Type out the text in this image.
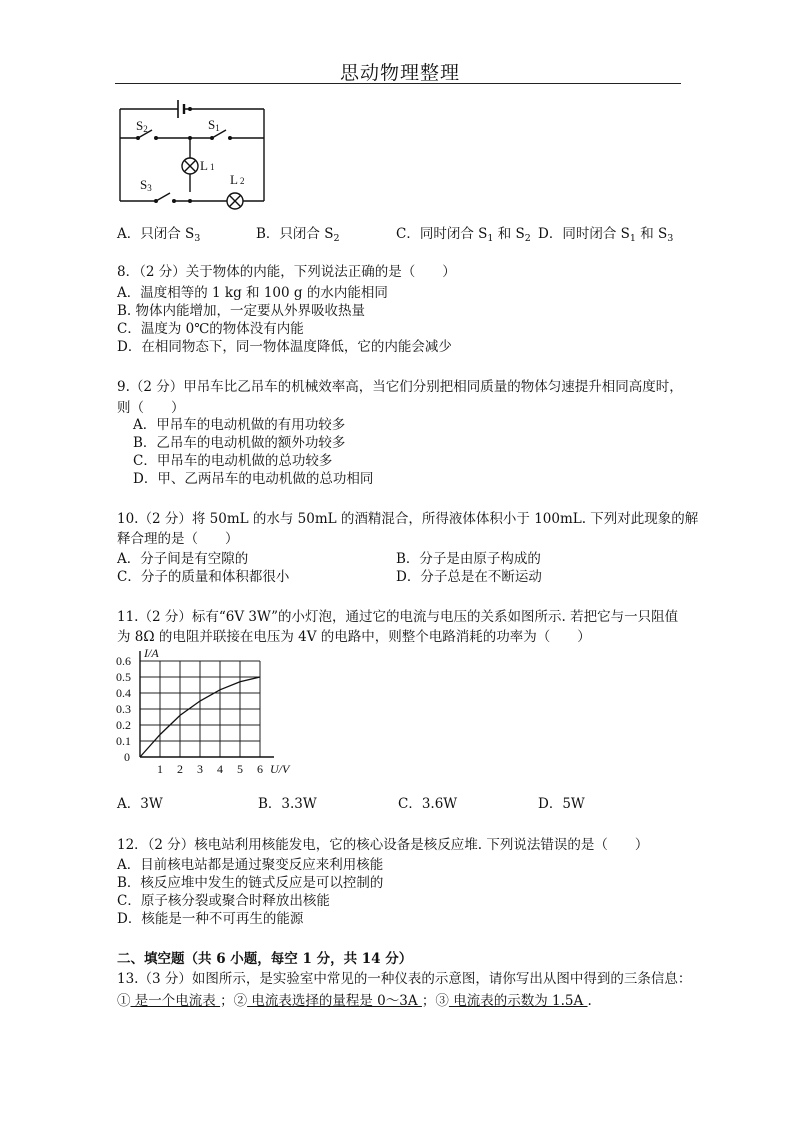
思动物理整理
S2	S1
L 1
S3
L 2
A．只闭合 $S_3$	B．只闭合 $S_2$	C．同时闭合 $S_1$ 和 $S_2$ D．同时闭合 $S_1$ 和 $S_3$
8．（2 分）关于物体的内能，下列说法正确的是（　　）
A．温度相等的 1 kg 和 100 g 的水内能相同
B. 物体内能增加，一定要从外界吸收热量
C．温度为 0℃的物体没有内能
D．在相同物态下，同一物体温度降低，它的内能会减少
9.（2 分）甲吊车比乙吊车的机械效率高，当它们分别把相同质量的物体匀速提升相同高度时，
则（　　）
A．甲吊车的电动机做的有用功较多
B．乙吊车的电动机做的额外功较多
C．甲吊车的电动机做的总功较多
D．甲、乙两吊车的电动机做的总功相同
10.（2 分）将 50mL 的水与 50mL 的酒精混合，所得液体体积小于 100mL. 下列对此现象的解
释合理的是（　　）
A．分子间是有空隙的	B．分子是由原子构成的
C．分子的质量和体积都很小	D．分子总是在不断运动
11.（2 分）标有“6V 3W”的小灯泡，通过它的电流与电压的关系如图所示. 若把它与一只阻值
为 8Ω 的电阻并联接在电压为 4V 的电路中，则整个电路消耗的功率为（　　）
1 2 3 4 5 6
0.6
0.5
0.4
0.3
0.2
0.1
0
U/V
I/A
A．3W	B．3.3W	C．3.6W	D．5W
12．（2 分）核电站利用核能发电，它的核心设备是核反应堆. 下列说法错误的是（　　）
A．目前核电站都是通过聚变反应来利用核能
B．核反应堆中发生的链式反应是可以控制的
C．原子核分裂或聚合时释放出核能
D．核能是一种不可再生的能源
二、填空题（共 6 小题，每空 1 分，共 14 分）
13.（3 分）如图所示，是实验室中常见的一种仪表的示意图，请你写出从图中得到的三条信息：
① 是一个电流表 ；② 电流表选择的量程是 0～3A ；③ 电流表的示数为 1.5A .
